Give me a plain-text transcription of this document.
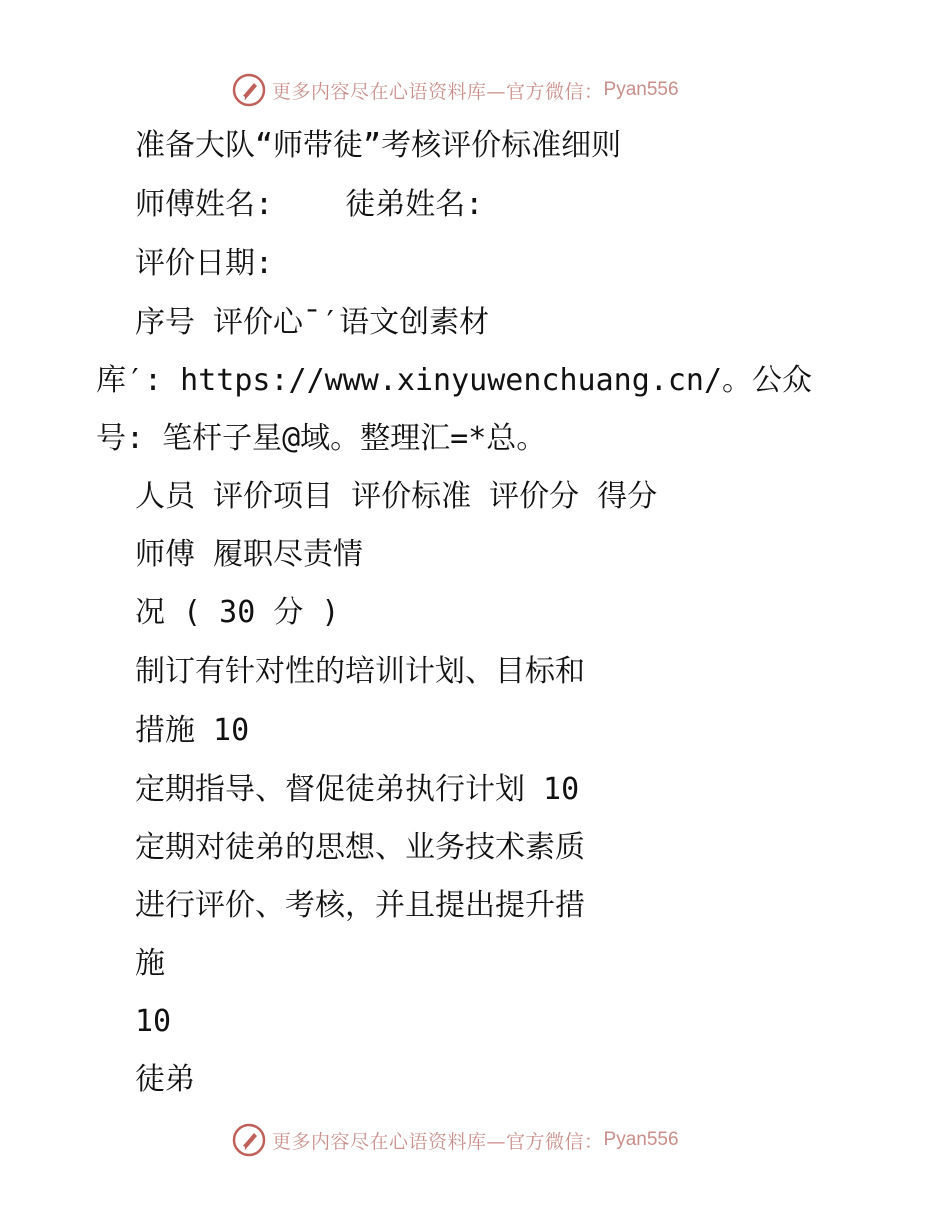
更多内容尽在心语资料库—官方微信： Pyan556
准备大队“师带徒”考核评价标准细则
师傅姓名:    徒弟姓名:
评价日期:
序号 评价心¯′语文创素材
库′: https://www.xinyuwenchuang.cn/。公众
号: 笔杆子星@域。整理汇=*总。
人员 评价项目 评价标准 评价分 得分
师傅 履职尽责情
况 ( 30 分 )
制订有针对性的培训计划、目标和
措施 10
定期指导、督促徒弟执行计划 10
定期对徒弟的思想、业务技术素质
进行评价、考核，并且提出提升措
施
10
徒弟
更多内容尽在心语资料库—官方微信： Pyan556
